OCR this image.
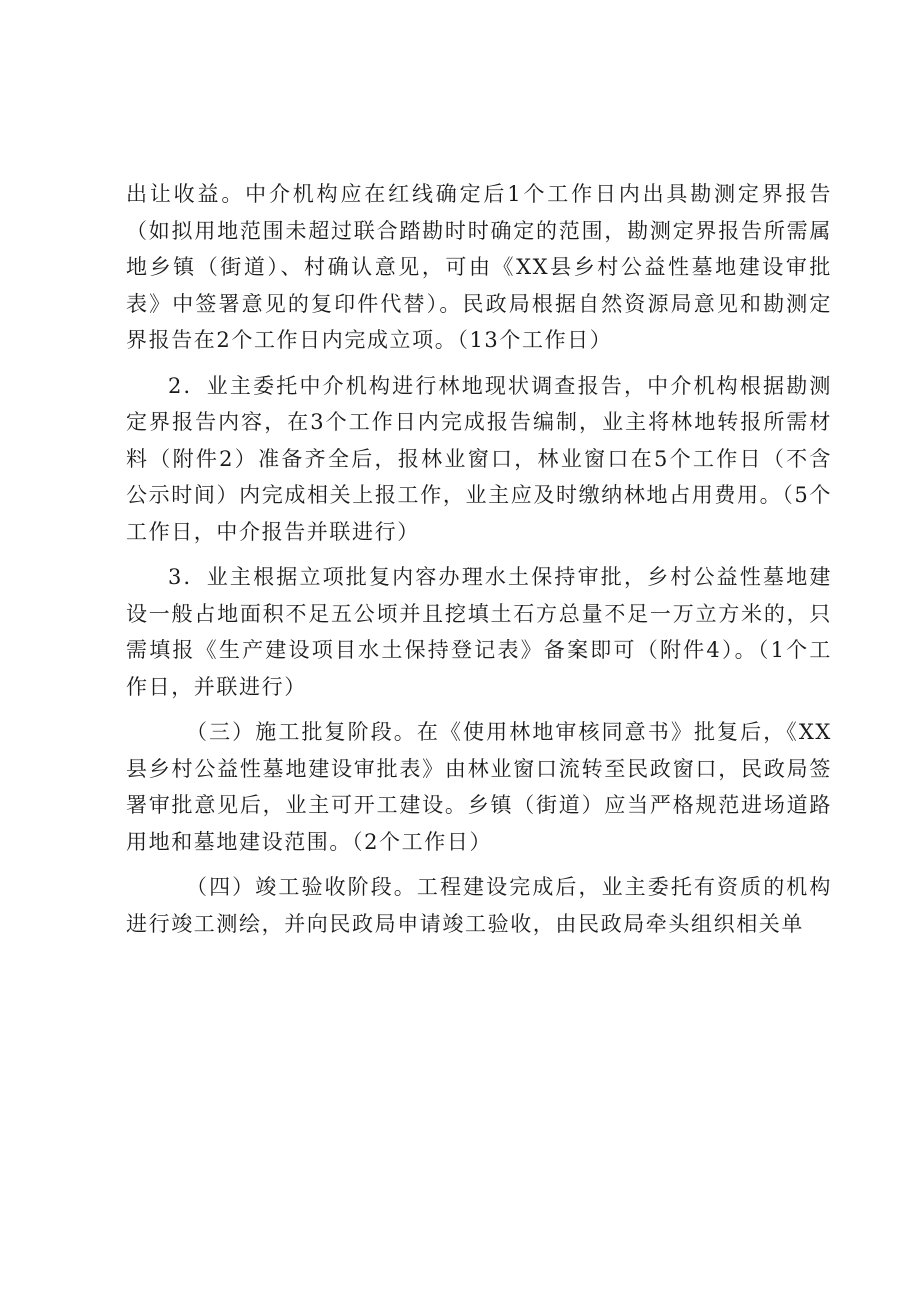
出让收益。中介机构应在红线确定后1个工作日内出具勘测定界报告（如拟用地范围未超过联合踏勘时时确定的范围，勘测定界报告所需属地乡镇（街道）、村确认意见，可由《XX县乡村公益性墓地建设审批表》中签署意见的复印件代替）。民政局根据自然资源局意见和勘测定界报告在2个工作日内完成立项。（13个工作日）

2．业主委托中介机构进行林地现状调查报告，中介机构根据勘测定界报告内容，在3个工作日内完成报告编制，业主将林地转报所需材料（附件2）准备齐全后，报林业窗口，林业窗口在5个工作日（不含公示时间）内完成相关上报工作，业主应及时缴纳林地占用费用。（5个工作日，中介报告并联进行）

3．业主根据立项批复内容办理水土保持审批，乡村公益性墓地建设一般占地面积不足五公顷并且挖填土石方总量不足一万立方米的，只需填报《生产建设项目水土保持登记表》备案即可（附件4）。（1个工作日，并联进行）

（三）施工批复阶段。在《使用林地审核同意书》批复后，《XX县乡村公益性墓地建设审批表》由林业窗口流转至民政窗口，民政局签署审批意见后，业主可开工建设。乡镇（街道）应当严格规范进场道路用地和墓地建设范围。（2个工作日）

（四）竣工验收阶段。工程建设完成后，业主委托有资质的机构进行竣工测绘，并向民政局申请竣工验收，由民政局牵头组织相关单
